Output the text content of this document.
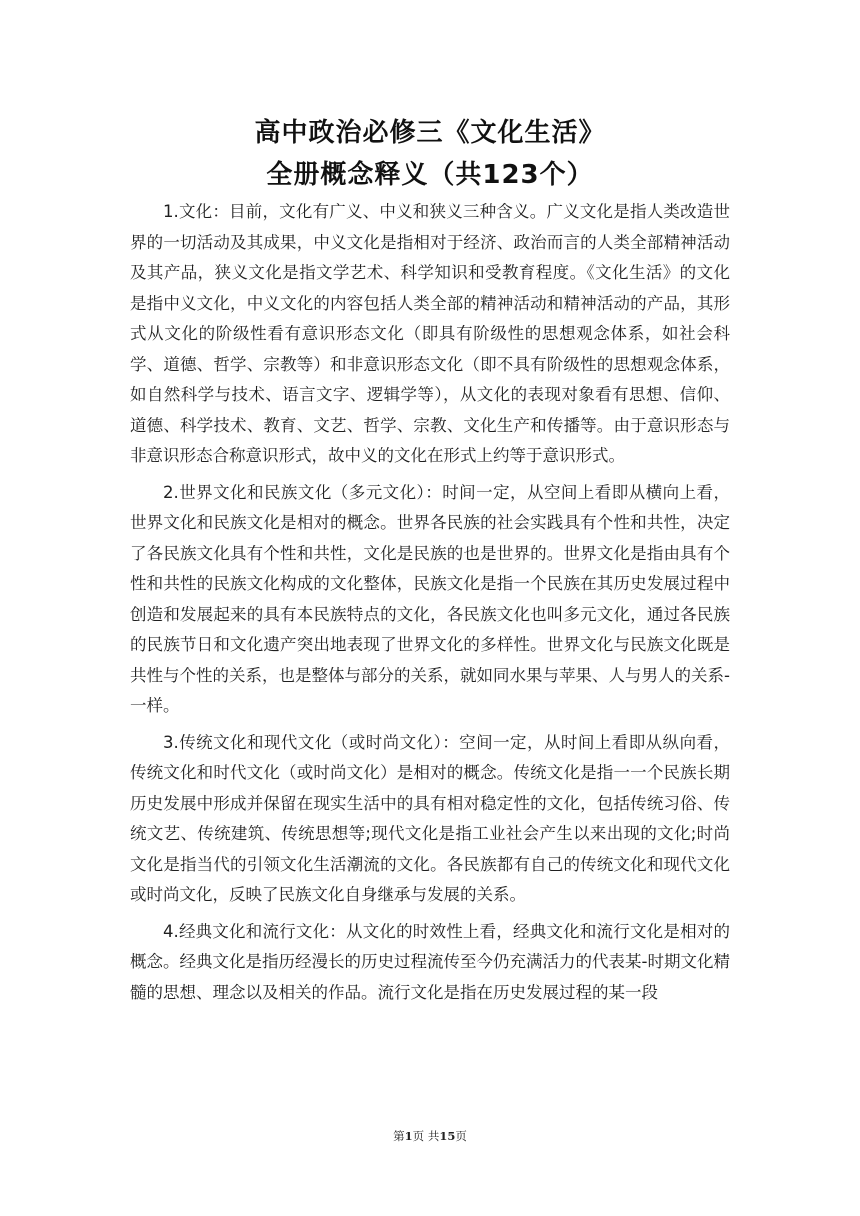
高中政治必修三《文化生活》
全册概念释义（共123个）

1.文化：目前，文化有广义、中义和狭义三种含义。广义文化是指人类改造世界的一切活动及其成果，中义文化是指相对于经济、政治而言的人类全部精神活动及其产品，狭义文化是指文学艺术、科学知识和受教育程度。《文化生活》的文化是指中义文化，中义文化的内容包括人类全部的精神活动和精神活动的产品，其形式从文化的阶级性看有意识形态文化（即具有阶级性的思想观念体系，如社会科学、道德、哲学、宗教等）和非意识形态文化（即不具有阶级性的思想观念体系，如自然科学与技术、语言文字、逻辑学等），从文化的表现对象看有思想、信仰、道德、科学技术、教育、文艺、哲学、宗教、文化生产和传播等。由于意识形态与非意识形态合称意识形式，故中义的文化在形式上约等于意识形式。

2.世界文化和民族文化（多元文化）：时间一定，从空间上看即从横向上看，世界文化和民族文化是相对的概念。世界各民族的社会实践具有个性和共性，决定了各民族文化具有个性和共性，文化是民族的也是世界的。世界文化是指由具有个性和共性的民族文化构成的文化整体，民族文化是指一个民族在其历史发展过程中创造和发展起来的具有本民族特点的文化，各民族文化也叫多元文化，通过各民族的民族节日和文化遗产突出地表现了世界文化的多样性。世界文化与民族文化既是共性与个性的关系，也是整体与部分的关系，就如同水果与苹果、人与男人的关系-一样。

3.传统文化和现代文化（或时尚文化）：空间一定，从时间上看即从纵向看，传统文化和时代文化（或时尚文化）是相对的概念。传统文化是指一一个民族长期历史发展中形成并保留在现实生活中的具有相对稳定性的文化，包括传统习俗、传统文艺、传统建筑、传统思想等;现代文化是指工业社会产生以来出现的文化;时尚文化是指当代的引领文化生活潮流的文化。各民族都有自己的传统文化和现代文化或时尚文化，反映了民族文化自身继承与发展的关系。

4.经典文化和流行文化：从文化的时效性上看，经典文化和流行文化是相对的概念。经典文化是指历经漫长的历史过程流传至今仍充满活力的代表某-时期文化精髓的思想、理念以及相关的作品。流行文化是指在历史发展过程的某一段

第1页 共15页
